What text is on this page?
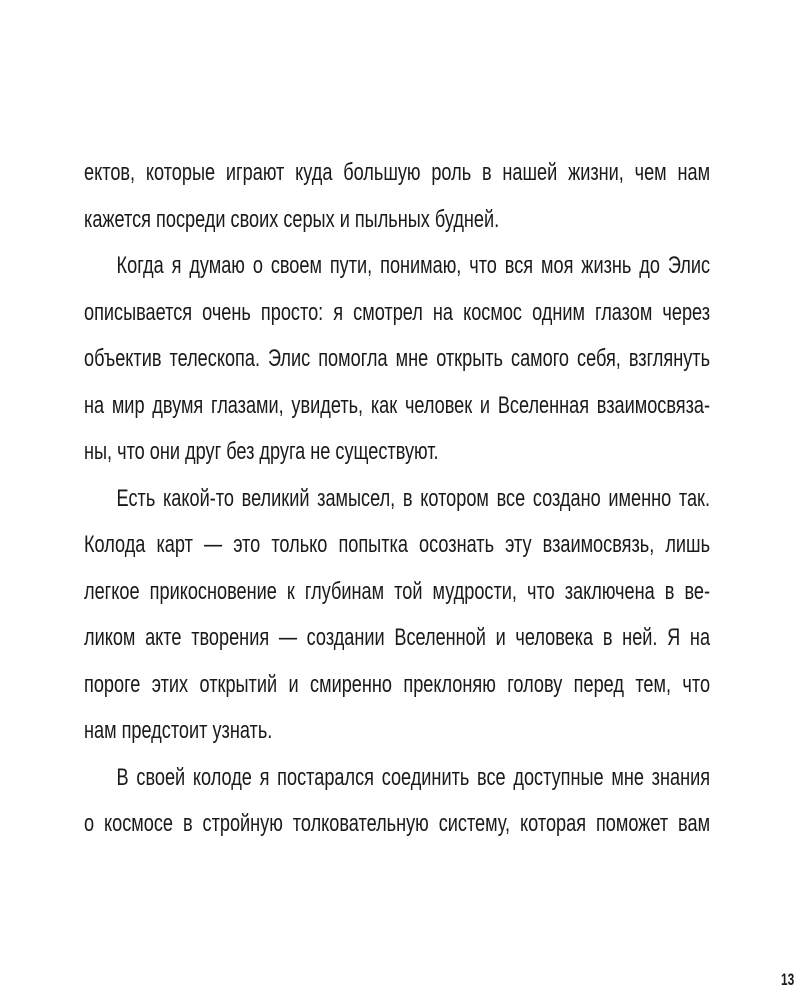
ектов, которые играют куда большую роль в нашей жизни, чем нам
кажется посреди своих серых и пыльных будней.
Когда я думаю о своем пути, понимаю, что вся моя жизнь до Элис
описывается очень просто: я смотрел на космос одним глазом через
объектив телескопа. Элис помогла мне открыть самого себя, взглянуть
на мир двумя глазами, увидеть, как человек и Вселенная взаимосвяза-
ны, что они друг без друга не существуют.
Есть какой-то великий замысел, в котором все создано именно так.
Колода карт — это только попытка осознать эту взаимосвязь, лишь
легкое прикосновение к глубинам той мудрости, что заключена в ве-
ликом акте творения — создании Вселенной и человека в ней. Я на
пороге этих открытий и смиренно преклоняю голову перед тем, что
нам предстоит узнать.
В своей колоде я постарался соединить все доступные мне знания
о космосе в стройную толковательную систему, которая поможет вам
13
